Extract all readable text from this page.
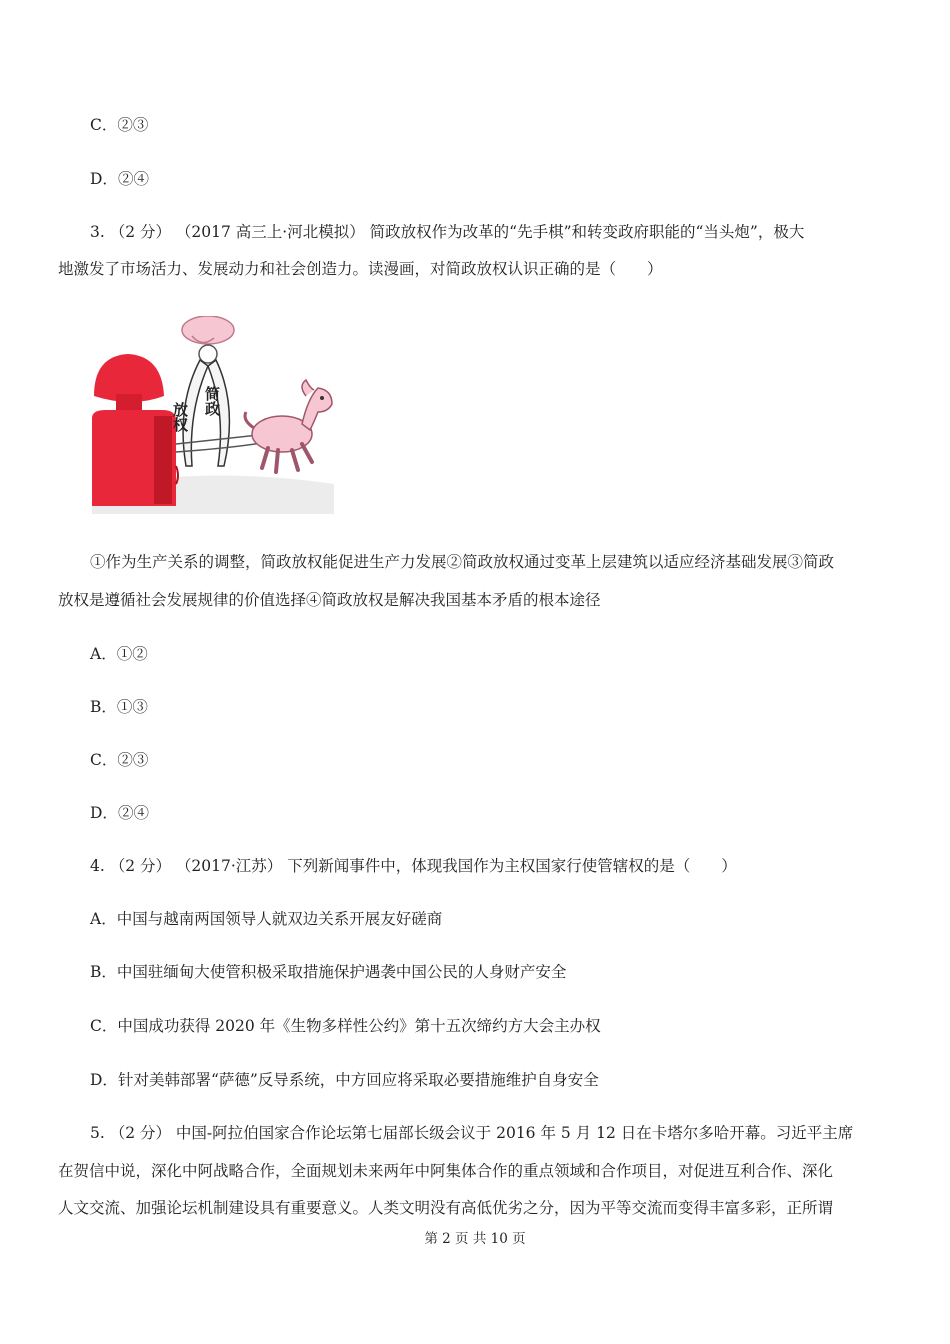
C．②③
D．②④
3. （2 分） （2017 高三上·河北模拟） 简政放权作为改革的“先手棋”和转变政府职能的“当头炮”，极大
地激发了市场活力、发展动力和社会创造力。读漫画，对简政放权认识正确的是（　　）
放权
简政
①作为生产关系的调整，简政放权能促进生产力发展②简政放权通过变革上层建筑以适应经济基础发展③简政
放权是遵循社会发展规律的价值选择④简政放权是解决我国基本矛盾的根本途径
A．①②
B．①③
C．②③
D．②④
4. （2 分） （2017·江苏） 下列新闻事件中，体现我国作为主权国家行使管辖权的是（　　）
A．中国与越南两国领导人就双边关系开展友好磋商
B．中国驻缅甸大使管积极采取措施保护遇袭中国公民的人身财产安全
C．中国成功获得 2020 年《生物多样性公约》第十五次缔约方大会主办权
D．针对美韩部署“萨德”反导系统，中方回应将采取必要措施维护自身安全
5. （2 分） 中国-阿拉伯国家合作论坛第七届部长级会议于 2016 年 5 月 12 日在卡塔尔多哈开幕。习近平主席
在贺信中说，深化中阿战略合作，全面规划未来两年中阿集体合作的重点领域和合作项目，对促进互利合作、深化
人文交流、加强论坛机制建设具有重要意义。人类文明没有高低优劣之分，因为平等交流而变得丰富多彩，正所谓
第 2 页 共 10 页
